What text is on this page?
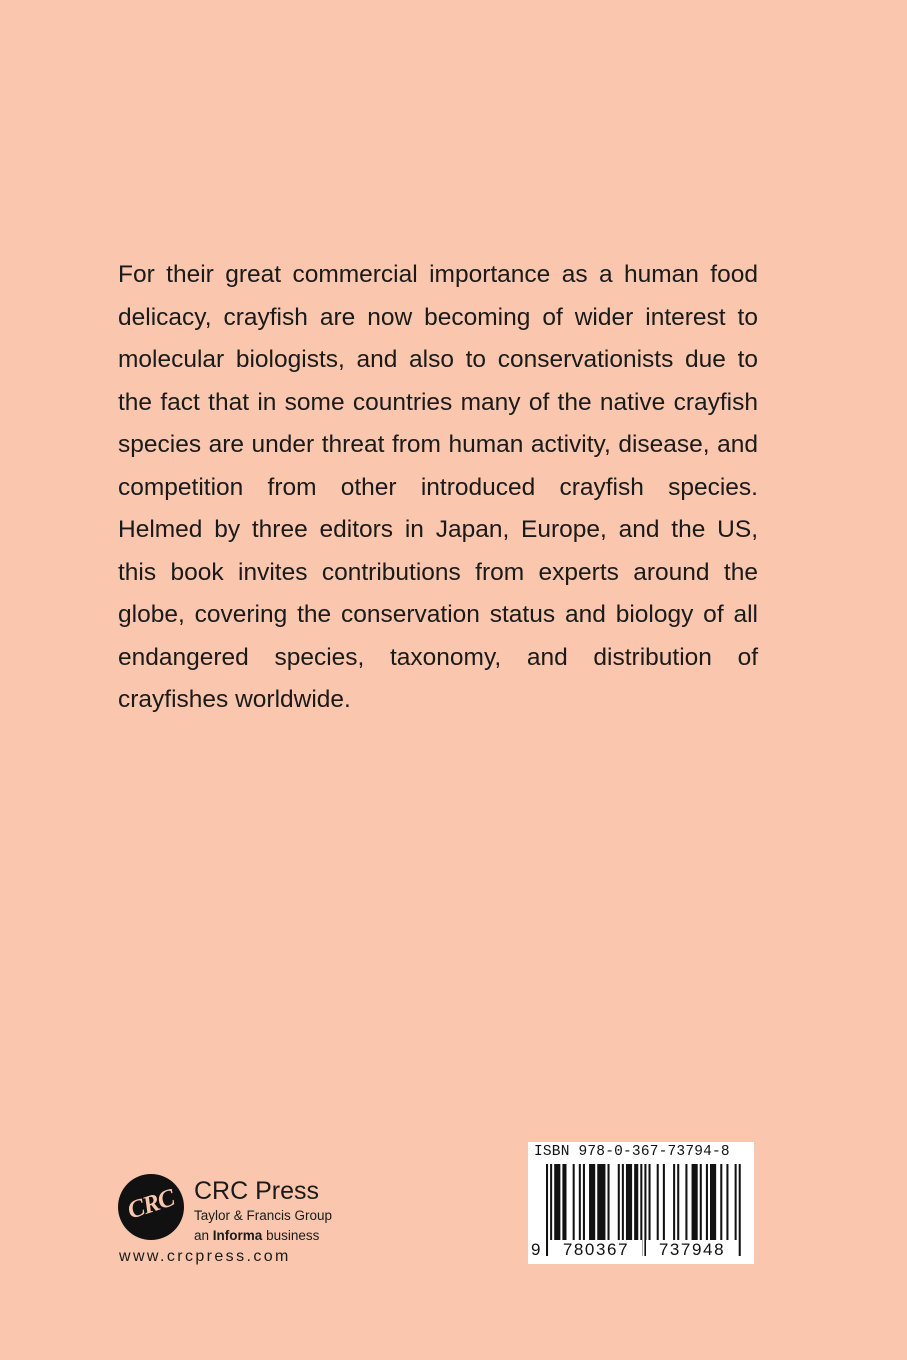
For their great commercial importance as a human food delicacy, crayfish are now becoming of wider interest to molecular biologists, and also to conservationists due to the fact that in some countries many of the native crayfish species are under threat from human activity, disease, and competition from other introduced crayfish species. Helmed by three editors in Japan, Europe, and the US, this book invites contributions from experts around the globe, covering the conservation status and biology of all endangered species, taxonomy, and distribution of crayfishes worldwide.
CRC CRC Press
Taylor & Francis Group
an Informa business
www.crcpress.com
ISBN 978-0-367-73794-8
9	780367	737948
